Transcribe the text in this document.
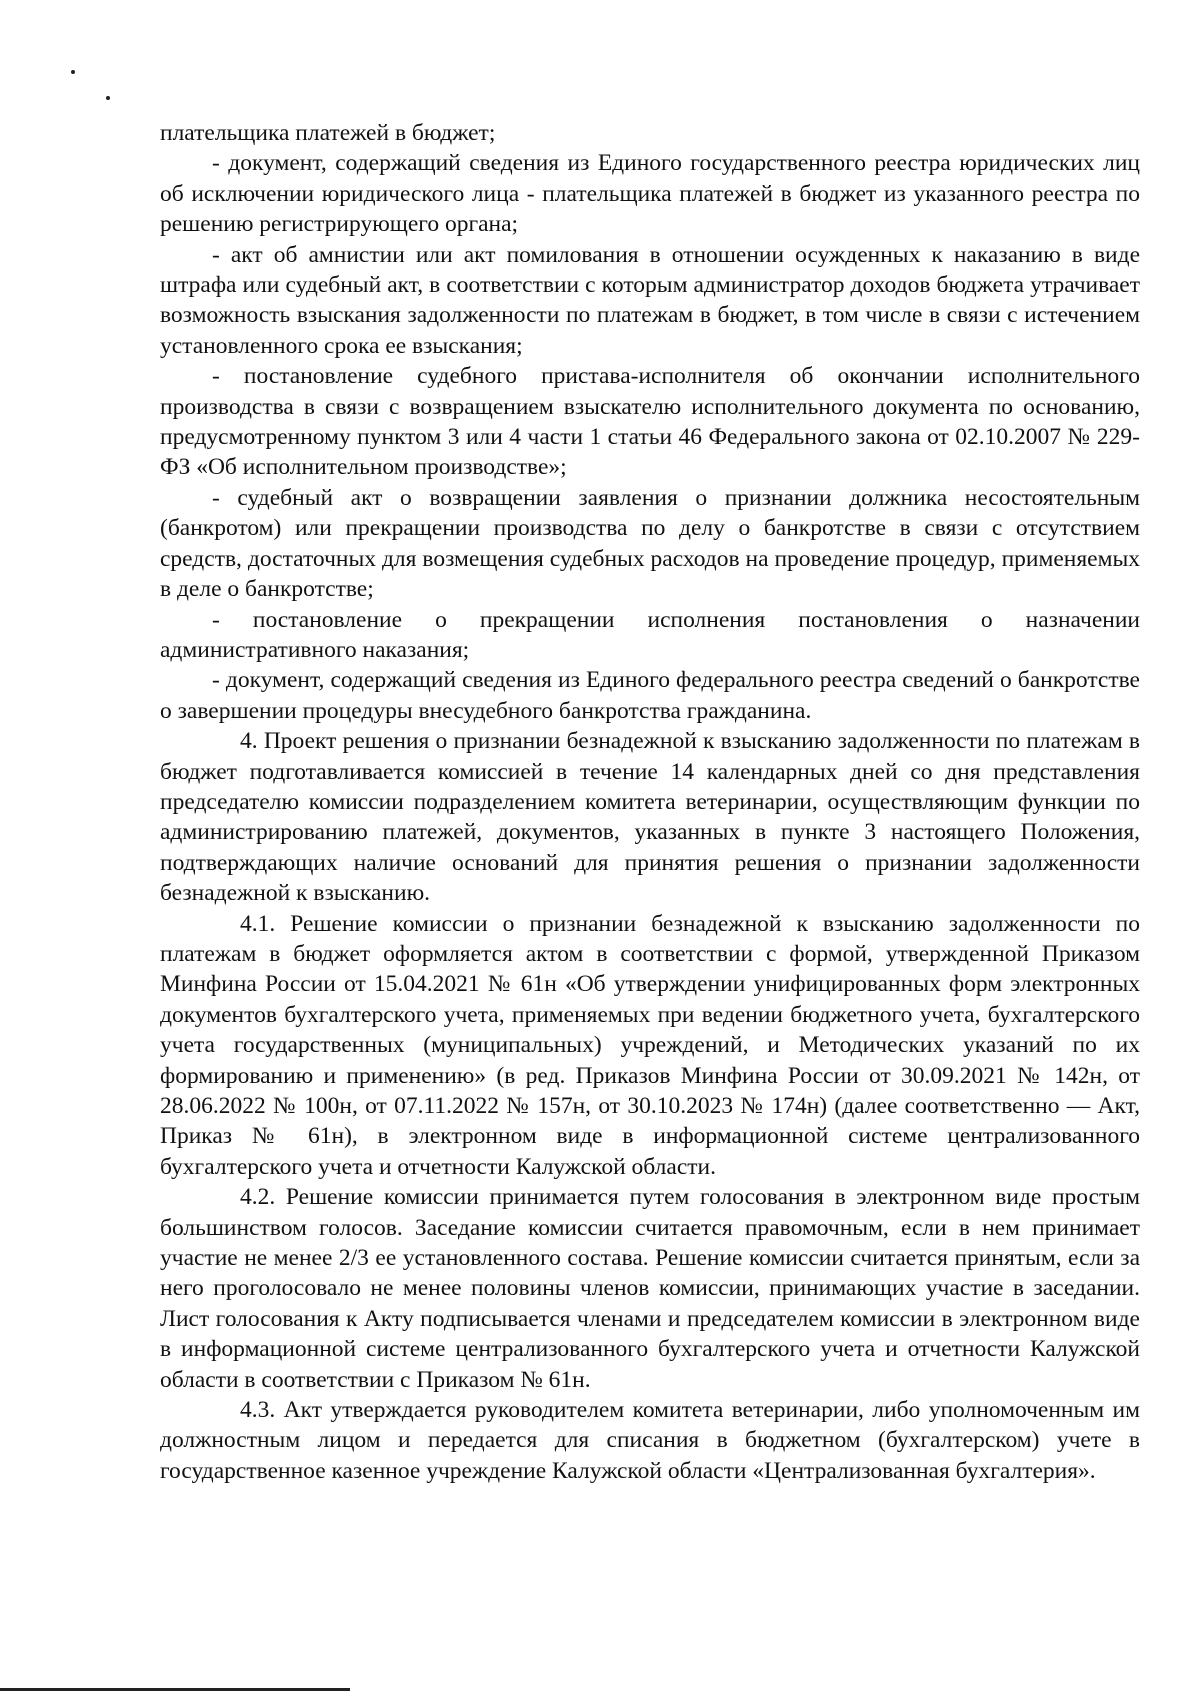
плательщика платежей в бюджет;

- документ, содержащий сведения из Единого государственного реестра юридических лиц об исключении юридического лица - плательщика платежей в бюджет из указанного реестра по решению регистрирующего органа;

- акт об амнистии или акт помилования в отношении осужденных к наказанию в виде штрафа или судебный акт, в соответствии с которым администратор доходов бюджета утрачивает возможность взыскания задолженности по платежам в бюджет, в том числе в связи с истечением установленного срока ее взыскания;

- постановление судебного пристава-исполнителя об окончании исполнительного производства в связи с возвращением взыскателю исполнительного документа по основанию, предусмотренному пунктом 3 или 4 части 1 статьи 46 Федерального закона от 02.10.2007 № 229-ФЗ «Об исполнительном производстве»;

- судебный акт о возвращении заявления о признании должника несостоятельным (банкротом) или прекращении производства по делу о банкротстве в связи с отсутствием средств, достаточных для возмещения судебных расходов на проведение процедур, применяемых в деле о банкротстве;

- постановление о прекращении исполнения постановления о назначении административного наказания;

- документ, содержащий сведения из Единого федерального реестра сведений о банкротстве о завершении процедуры внесудебного банкротства гражданина.

4. Проект решения о признании безнадежной к взысканию задолженности по платежам в бюджет подготавливается комиссией в течение 14 календарных дней со дня представления председателю комиссии подразделением комитета ветеринарии, осуществляющим функции по администрированию платежей, документов, указанных в пункте 3 настоящего Положения, подтверждающих наличие оснований для принятия решения о признании задолженности безнадежной к взысканию.

4.1. Решение комиссии о признании безнадежной к взысканию задолженности по платежам в бюджет оформляется актом в соответствии с формой, утвержденной Приказом Минфина России от 15.04.2021 № 61н «Об утверждении унифицированных форм электронных документов бухгалтерского учета, применяемых при ведении бюджетного учета, бухгалтерского учета государственных (муниципальных) учреждений, и Методических указаний по их формированию и применению» (в ред. Приказов Минфина России от 30.09.2021 № 142н, от 28.06.2022 № 100н, от 07.11.2022 № 157н, от 30.10.2023 № 174н) (далее соответственно — Акт, Приказ № 61н), в электронном виде в информационной системе централизованного бухгалтерского учета и отчетности Калужской области.

4.2. Решение комиссии принимается путем голосования в электронном виде простым большинством голосов. Заседание комиссии считается правомочным, если в нем принимает участие не менее 2/3 ее установленного состава. Решение комиссии считается принятым, если за него проголосовало не менее половины членов комиссии, принимающих участие в заседании. Лист голосования к Акту подписывается членами и председателем комиссии в электронном виде в информационной системе централизованного бухгалтерского учета и отчетности Калужской области в соответствии с Приказом № 61н.

4.3. Акт утверждается руководителем комитета ветеринарии, либо уполномоченным им должностным лицом и передается для списания в бюджетном (бухгалтерском) учете в государственное казенное учреждение Калужской области «Централизованная бухгалтерия».
